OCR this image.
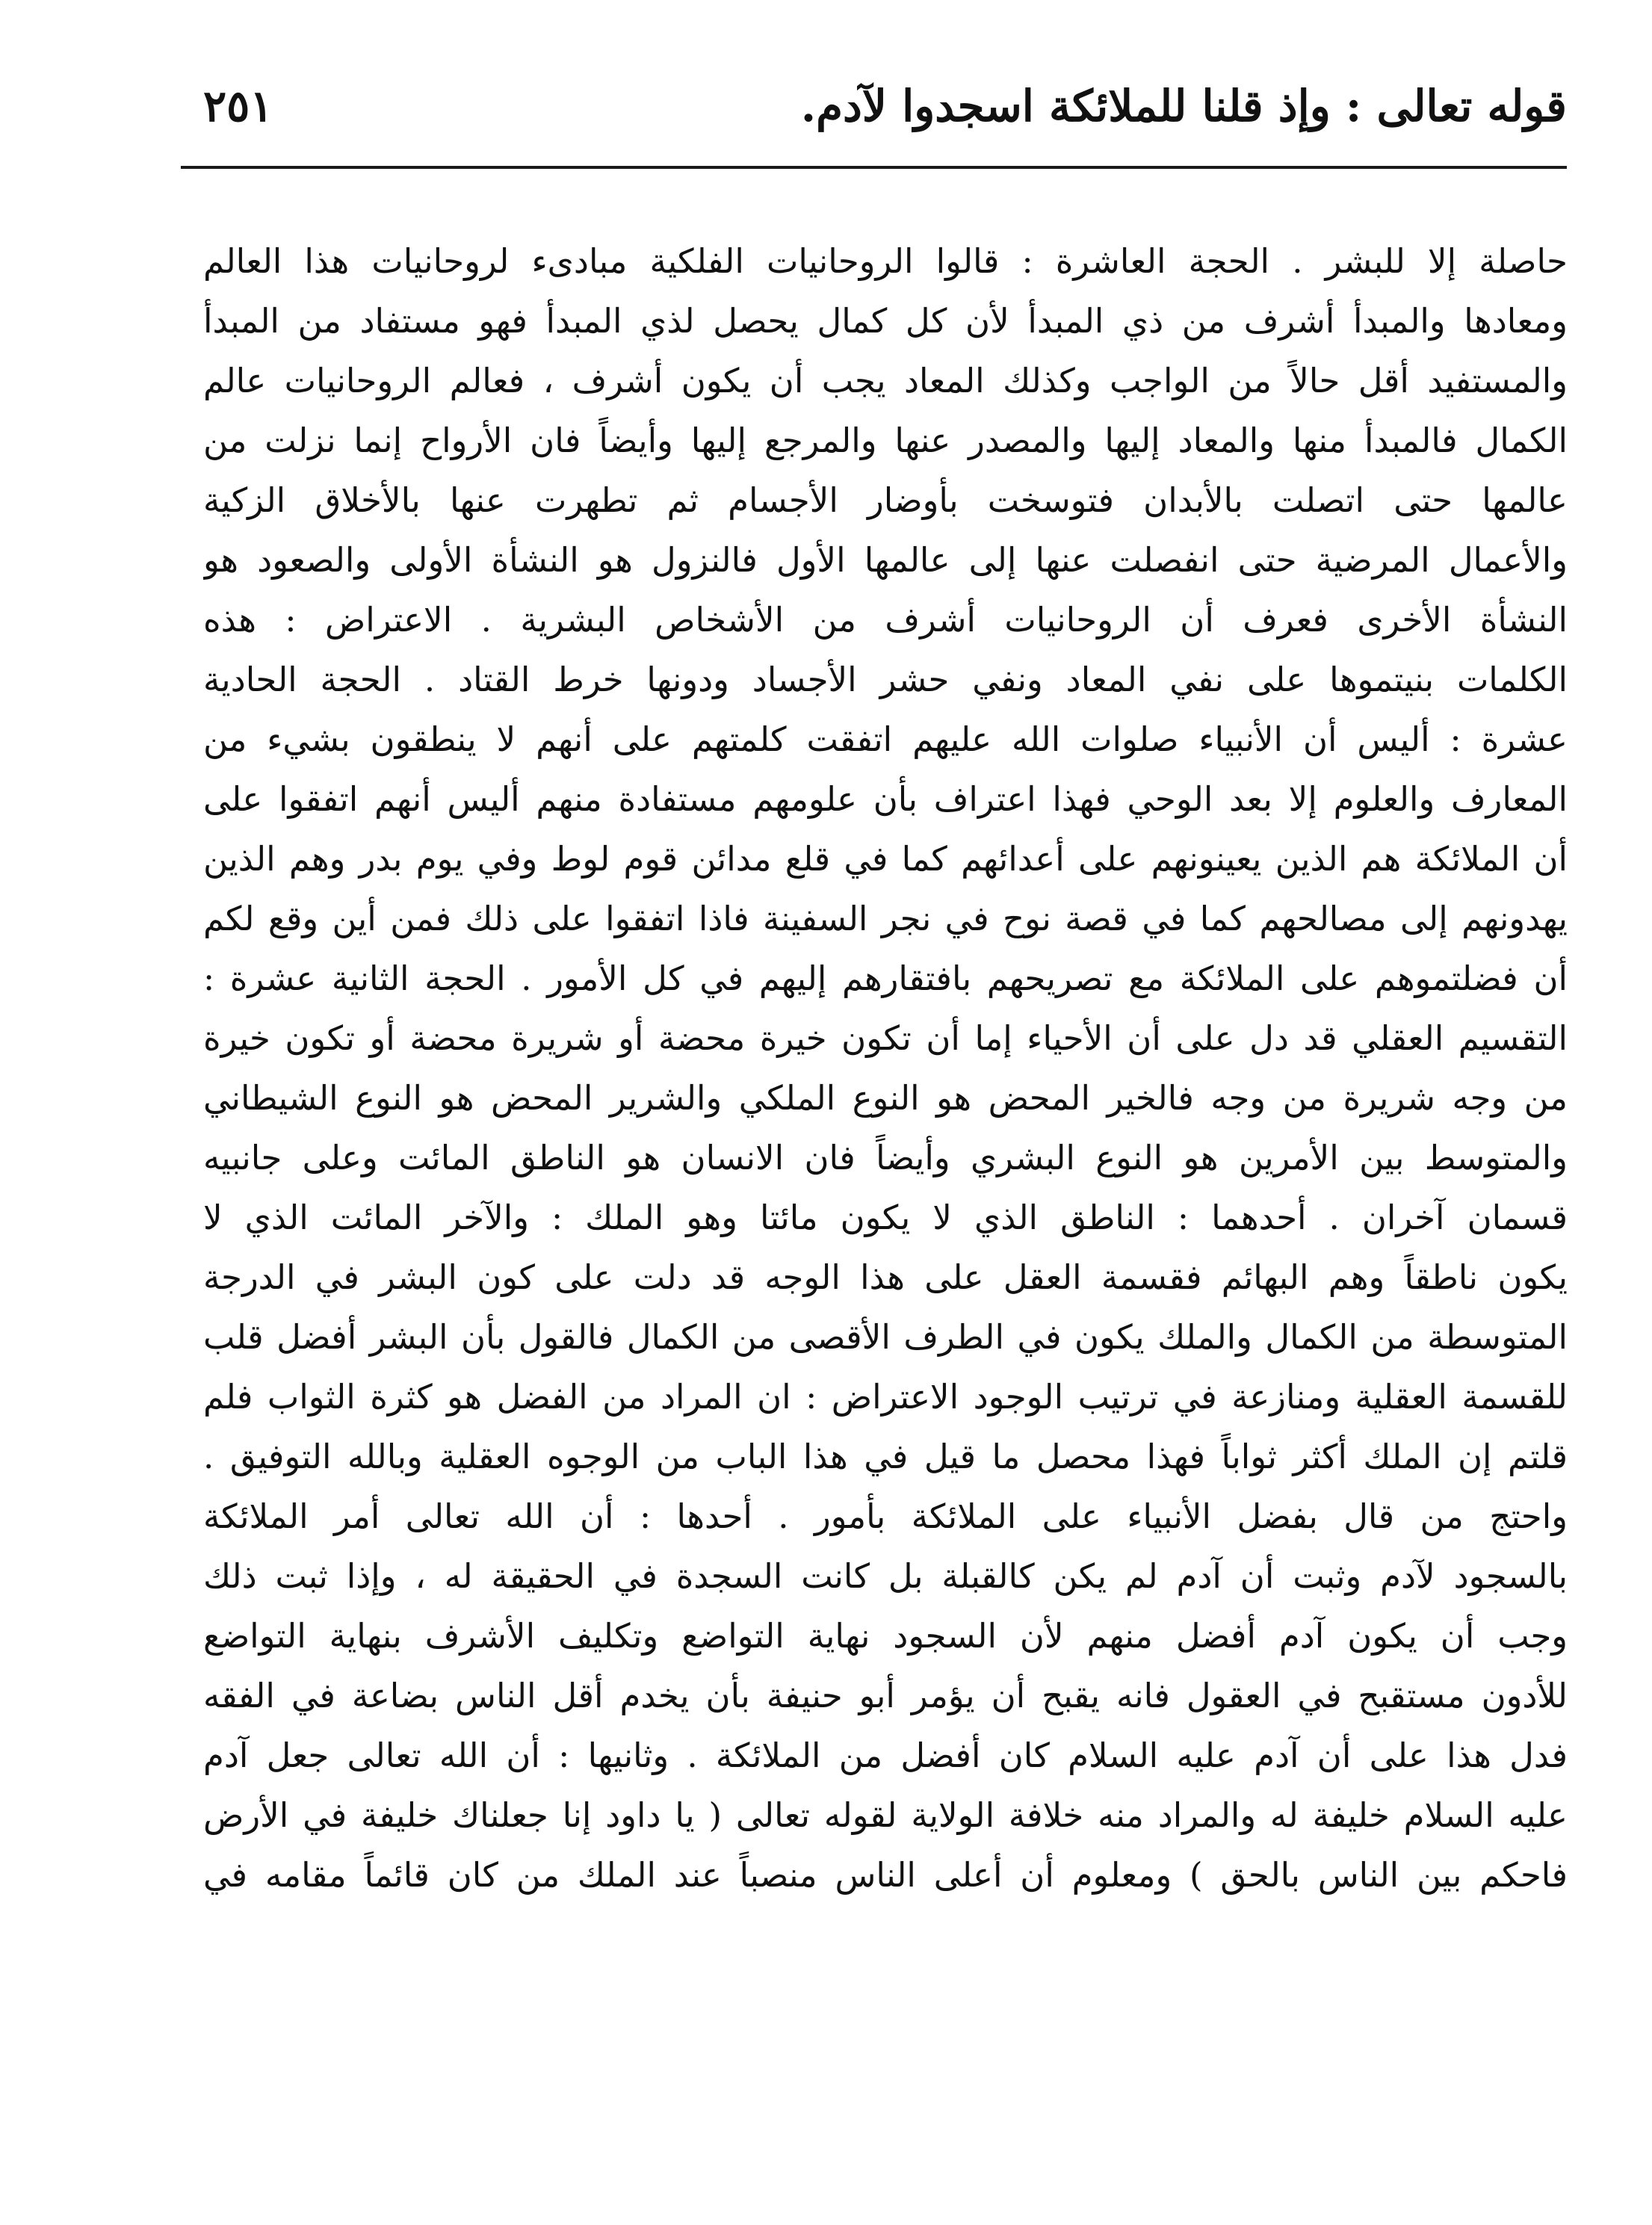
قوله تعالى : وإذ قلنا للملائكة اسجدوا لآدم.
٢٥١
حاصلة إلا للبشر . الحجة العاشرة : قالوا الروحانيات الفلكية مبادىء لروحانيات هذا العالم
ومعادها والمبدأ أشرف من ذي المبدأ لأن كل كمال يحصل لذي المبدأ فهو مستفاد من المبدأ
والمستفيد أقل حالاً من الواجب وكذلك المعاد يجب أن يكون أشرف ، فعالم الروحانيات عالم
الكمال فالمبدأ منها والمعاد إليها والمصدر عنها والمرجع إليها وأيضاً فان الأرواح إنما نزلت من
عالمها حتى اتصلت بالأبدان فتوسخت بأوضار الأجسام ثم تطهرت عنها بالأخلاق الزكية
والأعمال المرضية حتى انفصلت عنها إلى عالمها الأول فالنزول هو النشأة الأولى والصعود هو
النشأة الأخرى فعرف أن الروحانيات أشرف من الأشخاص البشرية . الاعتراض : هذه
الكلمات بنيتموها على نفي المعاد ونفي حشر الأجساد ودونها خرط القتاد . الحجة الحادية
عشرة : أليس أن الأنبياء صلوات الله عليهم اتفقت كلمتهم على أنهم لا ينطقون بشيء من
المعارف والعلوم إلا بعد الوحي فهذا اعتراف بأن علومهم مستفادة منهم أليس أنهم اتفقوا على
أن الملائكة هم الذين يعينونهم على أعدائهم كما في قلع مدائن قوم لوط وفي يوم بدر وهم الذين
يهدونهم إلى مصالحهم كما في قصة نوح في نجر السفينة فاذا اتفقوا على ذلك فمن أين وقع لكم
أن فضلتموهم على الملائكة مع تصريحهم بافتقارهم إليهم في كل الأمور . الحجة الثانية عشرة :
التقسيم العقلي قد دل على أن الأحياء إما أن تكون خيرة محضة أو شريرة محضة أو تكون خيرة
من وجه شريرة من وجه فالخير المحض هو النوع الملكي والشرير المحض هو النوع الشيطاني
والمتوسط بين الأمرين هو النوع البشري وأيضاً فان الانسان هو الناطق المائت وعلى جانبيه
قسمان آخران . أحدهما : الناطق الذي لا يكون مائتا وهو الملك : والآخر المائت الذي لا
يكون ناطقاً وهم البهائم فقسمة العقل على هذا الوجه قد دلت على كون البشر في الدرجة
المتوسطة من الكمال والملك يكون في الطرف الأقصى من الكمال فالقول بأن البشر أفضل قلب
للقسمة العقلية ومنازعة في ترتيب الوجود الاعتراض : ان المراد من الفضل هو كثرة الثواب فلم
قلتم إن الملك أكثر ثواباً فهذا محصل ما قيل في هذا الباب من الوجوه العقلية وبالله التوفيق .
واحتج من قال بفضل الأنبياء على الملائكة بأمور . أحدها : أن الله تعالى أمر الملائكة
بالسجود لآدم وثبت أن آدم لم يكن كالقبلة بل كانت السجدة في الحقيقة له ، وإذا ثبت ذلك
وجب أن يكون آدم أفضل منهم لأن السجود نهاية التواضع وتكليف الأشرف بنهاية التواضع
للأدون مستقبح في العقول فانه يقبح أن يؤمر أبو حنيفة بأن يخدم أقل الناس بضاعة في الفقه
فدل هذا على أن آدم عليه السلام كان أفضل من الملائكة . وثانيها : أن الله تعالى جعل آدم
عليه السلام خليفة له والمراد منه خلافة الولاية لقوله تعالى ( يا داود إنا جعلناك خليفة في الأرض
فاحكم بين الناس بالحق ) ومعلوم أن أعلى الناس منصباً عند الملك من كان قائماً مقامه في
